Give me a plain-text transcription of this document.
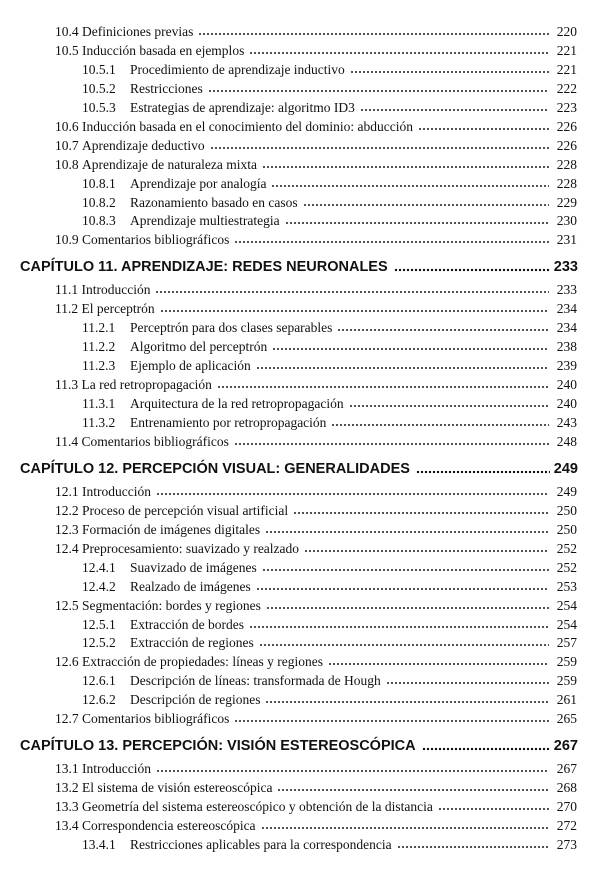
10.4 Definiciones previas	220
10.5 Inducción basada en ejemplos	221
10.5.1 Procedimiento de aprendizaje inductivo	221
10.5.2 Restricciones	222
10.5.3 Estrategias de aprendizaje: algoritmo ID3	223
10.6 Inducción basada en el conocimiento del dominio: abducción	226
10.7 Aprendizaje deductivo	226
10.8 Aprendizaje de naturaleza mixta	228
10.8.1 Aprendizaje por analogía	228
10.8.2 Razonamiento basado en casos	229
10.8.3 Aprendizaje multiestrategia	230
10.9 Comentarios bibliográficos	231
CAPÍTULO 11. APRENDIZAJE: REDES NEURONALES	233
11.1 Introducción	233
11.2 El perceptrón	234
11.2.1 Perceptrón para dos clases separables	234
11.2.2 Algoritmo del perceptrón	238
11.2.3 Ejemplo de aplicación	239
11.3 La red retropropagación	240
11.3.1 Arquitectura de la red retropropagación	240
11.3.2 Entrenamiento por retropropagación	243
11.4 Comentarios bibliográficos	248
CAPÍTULO 12. PERCEPCIÓN VISUAL: GENERALIDADES	249
12.1 Introducción	249
12.2 Proceso de percepción visual artificial	250
12.3 Formación de imágenes digitales	250
12.4 Preprocesamiento: suavizado y realzado	252
12.4.1 Suavizado de imágenes	252
12.4.2 Realzado de imágenes	253
12.5 Segmentación: bordes y regiones	254
12.5.1 Extracción de bordes	254
12.5.2 Extracción de regiones	257
12.6 Extracción de propiedades: líneas y regiones	259
12.6.1 Descripción de líneas: transformada de Hough	259
12.6.2 Descripción de regiones	261
12.7 Comentarios bibliográficos	265
CAPÍTULO 13. PERCEPCIÓN: VISIÓN ESTEREOSCÓPICA	267
13.1 Introducción	267
13.2 El sistema de visión estereoscópica	268
13.3 Geometría del sistema estereoscópico y obtención de la distancia	270
13.4 Correspondencia estereoscópica	272
13.4.1 Restricciones aplicables para la correspondencia	273
